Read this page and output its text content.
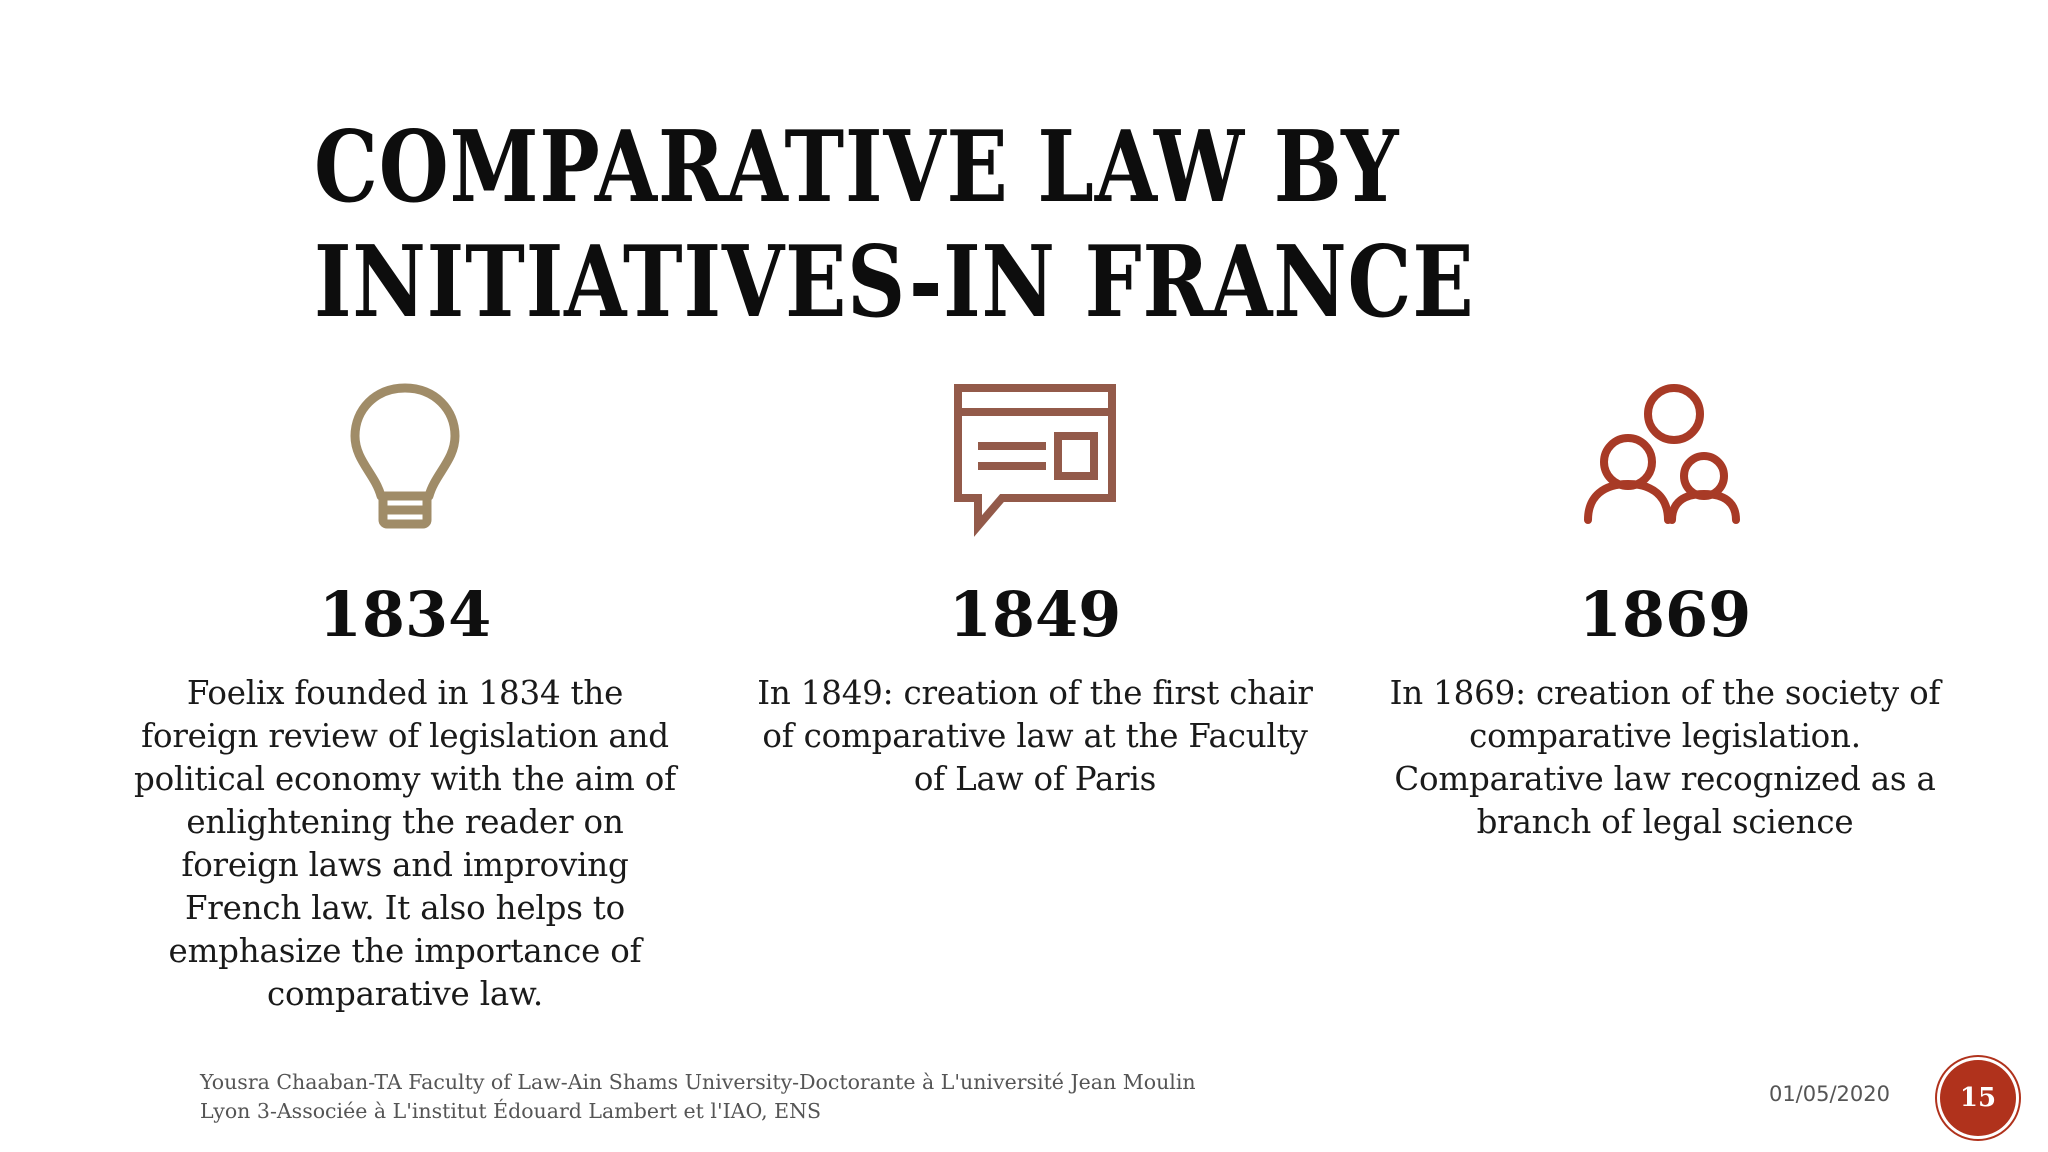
COMPARATIVE LAW BY
INITIATIVES-IN FRANCE
1834

Foelix founded in 1834 the foreign review of legislation and political economy with the aim of enlightening the reader on foreign laws and improving French law. It also helps to emphasize the importance of comparative law.

1849

In 1849: creation of the first chair of comparative law at the Faculty of Law of Paris

1869

In 1869: creation of the society of comparative legislation. Comparative law recognized as a branch of legal science

Yousra Chaaban-TA Faculty of Law-Ain Shams University-Doctorante à L'université Jean Moulin
Lyon 3-Associée à L'institut Édouard Lambert et l'IAO, ENS
01/05/2020	15
